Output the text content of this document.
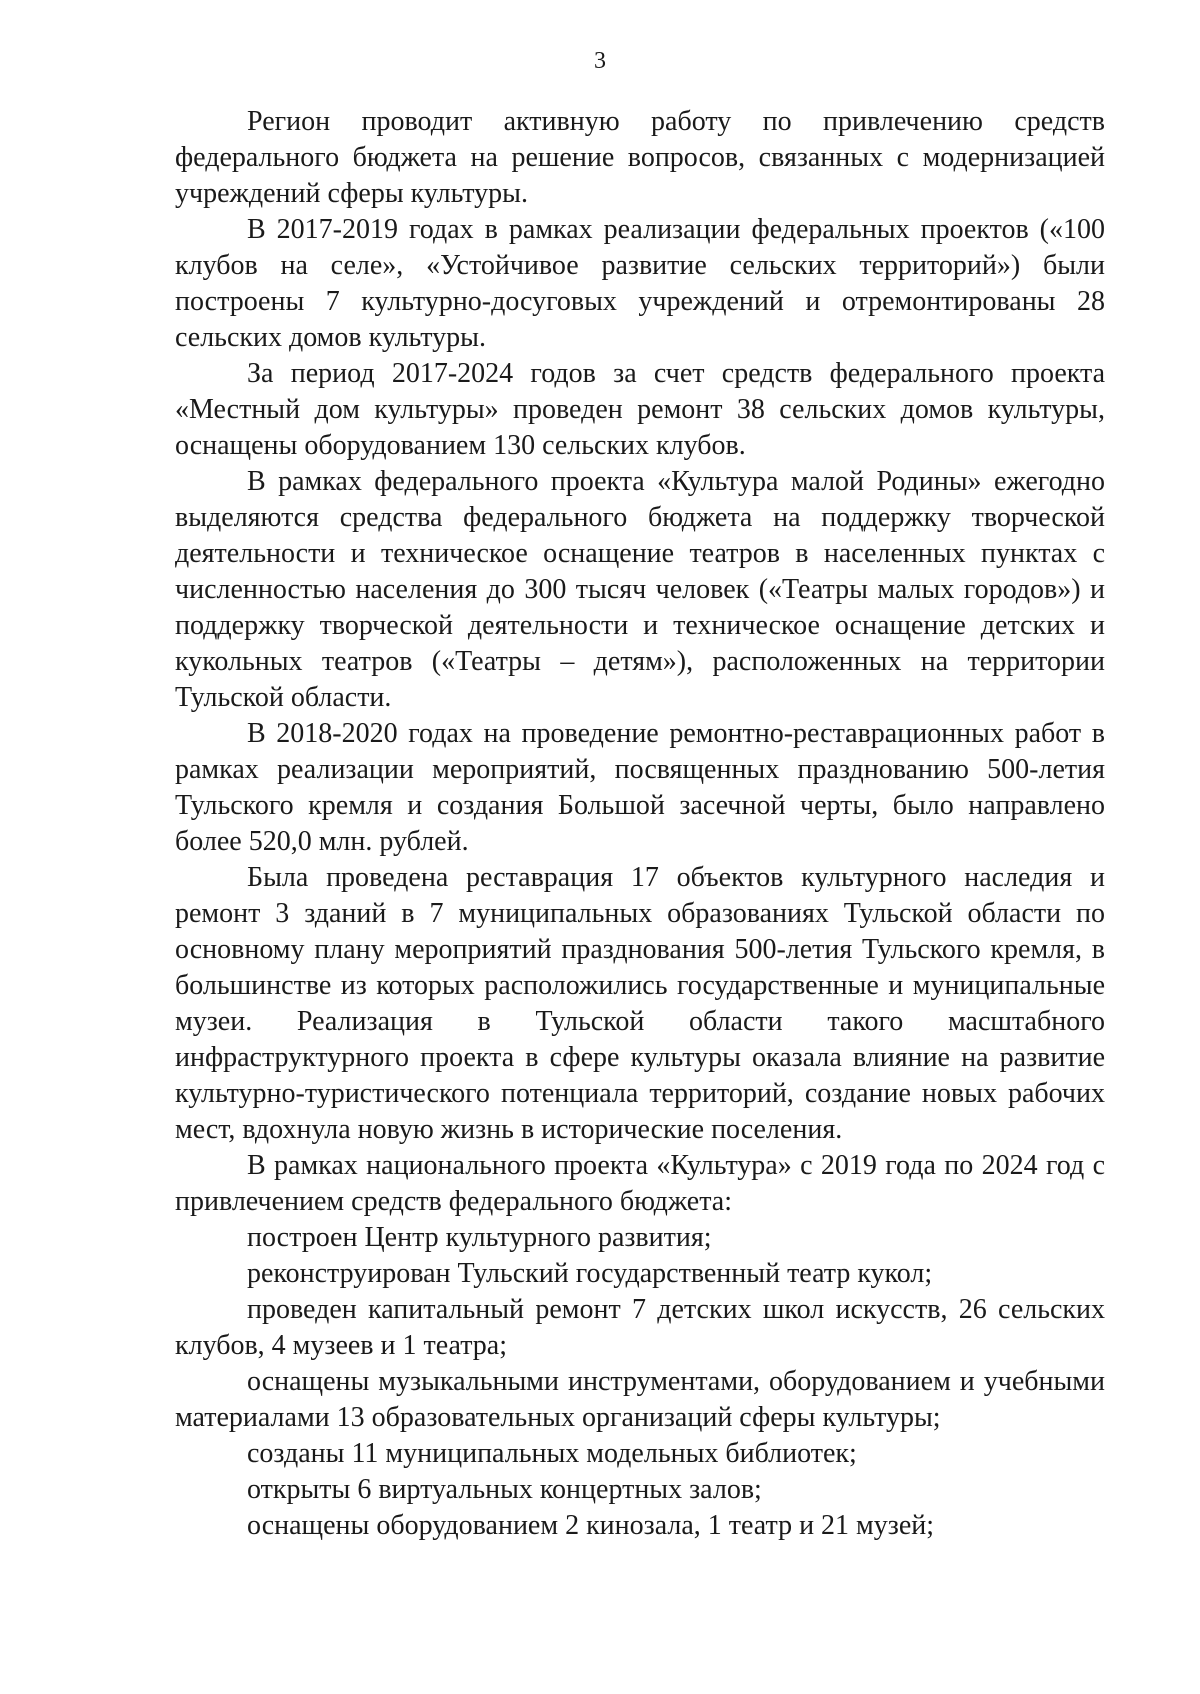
3

Регион проводит активную работу по привлечению средств федерального бюджета на решение вопросов, связанных с модернизацией учреждений сферы культуры.

В 2017-2019 годах в рамках реализации федеральных проектов («100 клубов на селе», «Устойчивое развитие сельских территорий») были построены 7 культурно-досуговых учреждений и отремонтированы 28 сельских домов культуры.

За период 2017-2024 годов за счет средств федерального проекта «Местный дом культуры» проведен ремонт 38 сельских домов культуры, оснащены оборудованием 130 сельских клубов.

В рамках федерального проекта «Культура малой Родины» ежегодно выделяются средства федерального бюджета на поддержку творческой деятельности и техническое оснащение театров в населенных пунктах с численностью населения до 300 тысяч человек («Театры малых городов») и поддержку творческой деятельности и техническое оснащение детских и кукольных театров («Театры – детям»), расположенных на территории Тульской области.

В 2018-2020 годах на проведение ремонтно-реставрационных работ в рамках реализации мероприятий, посвященных празднованию 500-летия Тульского кремля и создания Большой засечной черты, было направлено более 520,0 млн. рублей.

Была проведена реставрация 17 объектов культурного наследия и ремонт 3 зданий в 7 муниципальных образованиях Тульской области по основному плану мероприятий празднования 500-летия Тульского кремля, в большинстве из которых расположились государственные и муниципальные музеи. Реализация в Тульской области такого масштабного инфраструктурного проекта в сфере культуры оказала влияние на развитие культурно-туристического потенциала территорий, создание новых рабочих мест, вдохнула новую жизнь в исторические поселения.

В рамках национального проекта «Культура» с 2019 года по 2024 год с привлечением средств федерального бюджета:

построен Центр культурного развития;

реконструирован Тульский государственный театр кукол;

проведен капитальный ремонт 7 детских школ искусств, 26 сельских клубов, 4 музеев и 1 театра;

оснащены музыкальными инструментами, оборудованием и учебными материалами 13 образовательных организаций сферы культуры;

созданы 11 муниципальных модельных библиотек;

открыты 6 виртуальных концертных залов;

оснащены оборудованием 2 кинозала, 1 театр и 21 музей;
